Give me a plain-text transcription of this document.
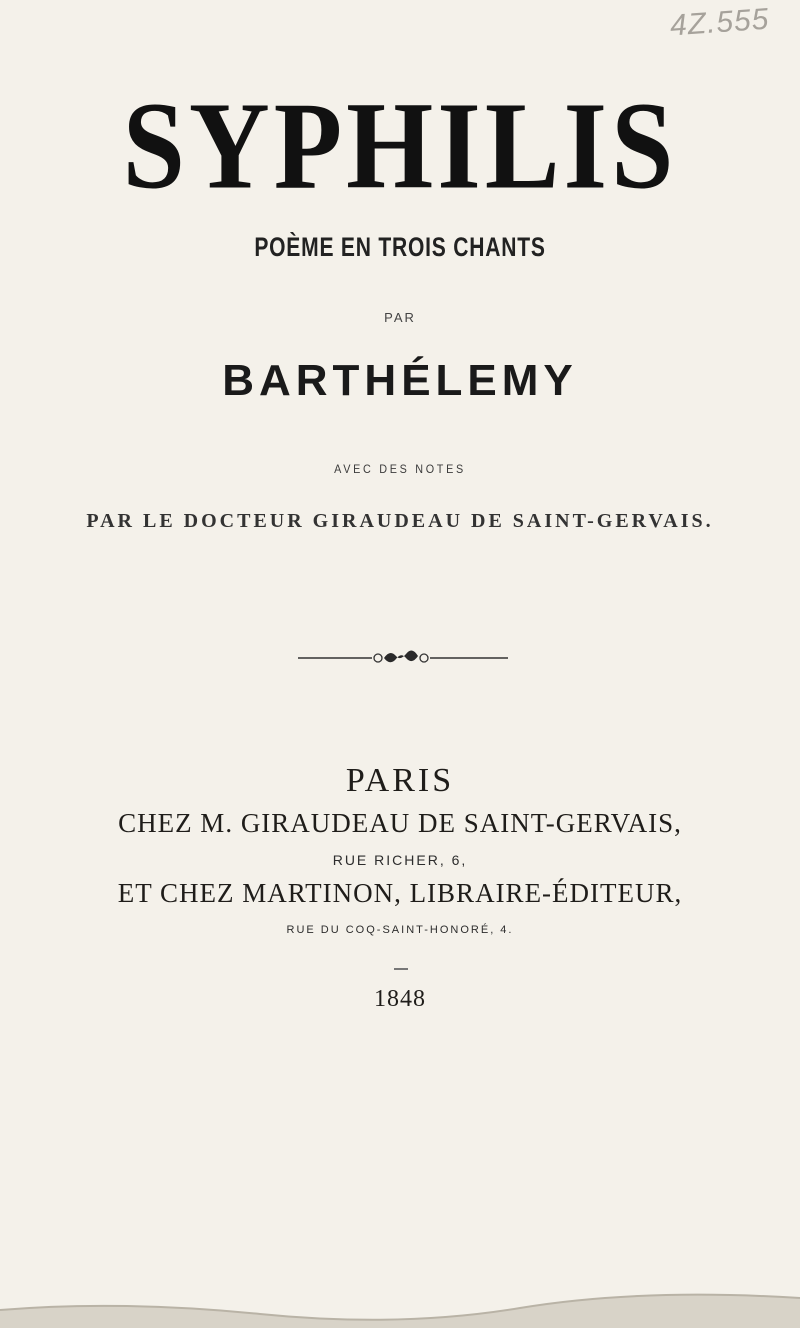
4Z.555
SYPHILIS
POÈME EN TROIS CHANTS
PAR
BARTHÉLEMY
AVEC DES NOTES
PAR LE DOCTEUR GIRAUDEAU DE SAINT-GERVAIS.
PARIS
CHEZ M. GIRAUDEAU DE SAINT-GERVAIS,
RUE RICHER, 6,
ET CHEZ MARTINON, LIBRAIRE-ÉDITEUR,
RUE DU COQ-SAINT-HONORÉ, 4.
1848
